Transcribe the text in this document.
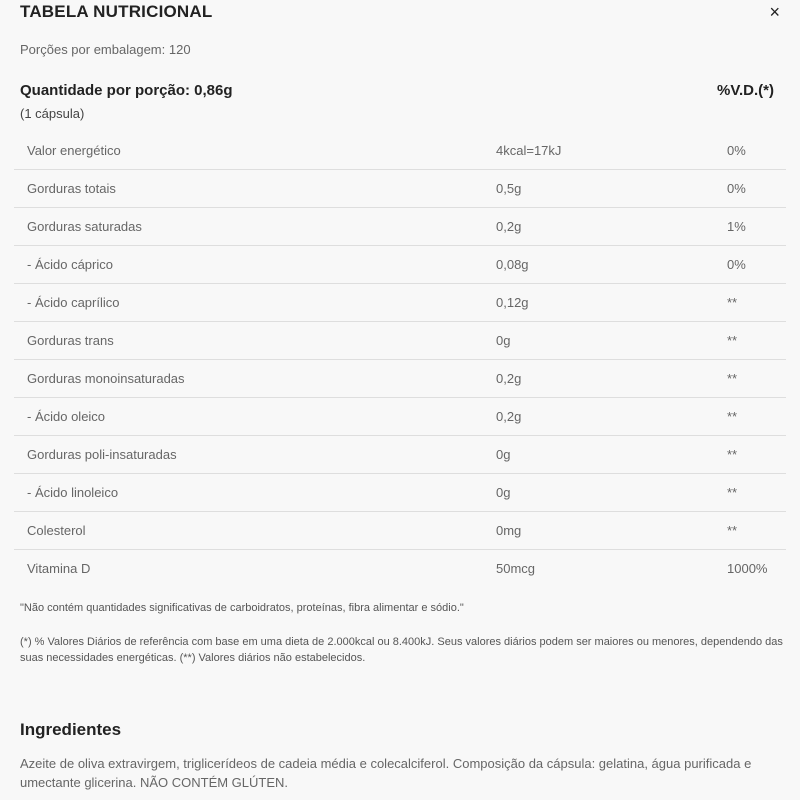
TABELA NUTRICIONAL	×
Porções por embalagem: 120
Quantidade por porção: 0,86g	%V.D.(*)
(1 cápsula)
Valor energético	4kcal=17kJ	0%
Gorduras totais	0,5g	0%
Gorduras saturadas	0,2g	1%
- Ácido cáprico	0,08g	0%
- Ácido caprílico	0,12g	**
Gorduras trans	0g	**
Gorduras monoinsaturadas	0,2g	**
- Ácido oleico	0,2g	**
Gorduras poli-insaturadas	0g	**
- Ácido linoleico	0g	**
Colesterol	0mg	**
Vitamina D	50mcg	1000%
"Não contém quantidades significativas de carboidratos, proteínas, fibra alimentar e sódio."
(*) % Valores Diários de referência com base em uma dieta de 2.000kcal ou 8.400kJ. Seus valores diários podem ser maiores ou menores, dependendo das suas necessidades energéticas. (**) Valores diários não estabelecidos.
Ingredientes
Azeite de oliva extravirgem, triglicerídeos de cadeia média e colecalciferol. Composição da cápsula: gelatina, água purificada e umectante glicerina. NÃO CONTÉM GLÚTEN.
